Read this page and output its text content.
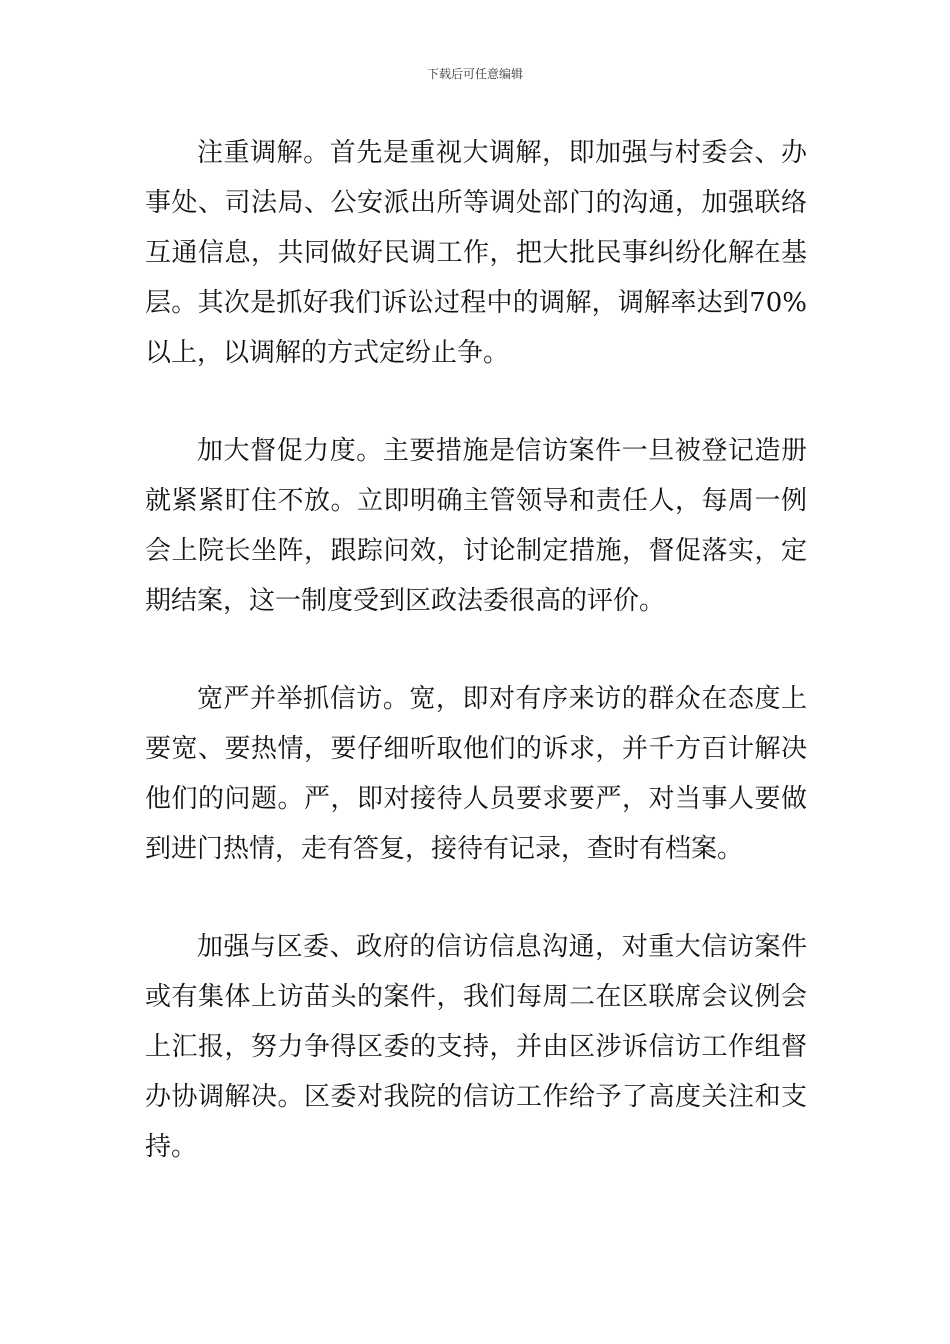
下载后可任意编辑

注重调解。首先是重视大调解，即加强与村委会、办事处、司法局、公安派出所等调处部门的沟通，加强联络互通信息，共同做好民调工作，把大批民事纠纷化解在基层。其次是抓好我们诉讼过程中的调解，调解率达到70%以上，以调解的方式定纷止争。

加大督促力度。主要措施是信访案件一旦被登记造册就紧紧盯住不放。立即明确主管领导和责任人，每周一例会上院长坐阵，跟踪问效，讨论制定措施，督促落实，定期结案，这一制度受到区政法委很高的评价。

宽严并举抓信访。宽，即对有序来访的群众在态度上要宽、要热情，要仔细听取他们的诉求，并千方百计解决他们的问题。严，即对接待人员要求要严，对当事人要做到进门热情，走有答复，接待有记录，查时有档案。

加强与区委、政府的信访信息沟通，对重大信访案件或有集体上访苗头的案件，我们每周二在区联席会议例会上汇报，努力争得区委的支持，并由区涉诉信访工作组督办协调解决。区委对我院的信访工作给予了高度关注和支持。
